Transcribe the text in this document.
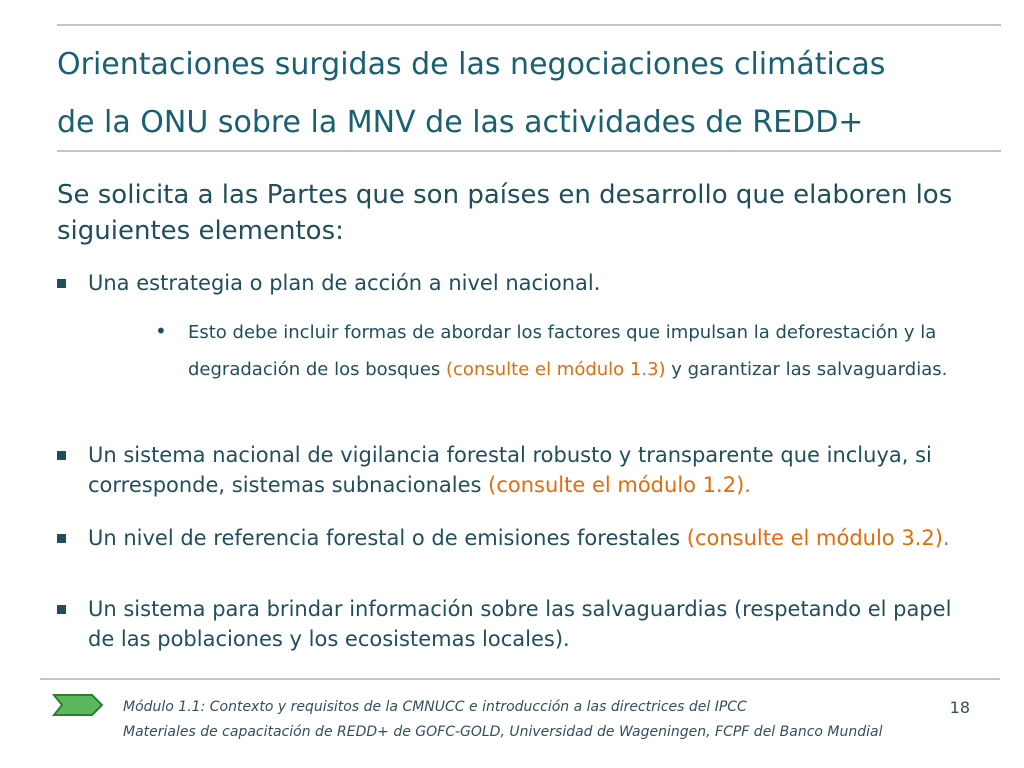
Orientaciones surgidas de las negociaciones climáticas
de la ONU sobre la MNV de las actividades de REDD+
Se solicita a las Partes que son países en desarrollo que elaboren los siguientes elementos:
Una estrategia o plan de acción a nivel nacional.
• Esto debe incluir formas de abordar los factores que impulsan la deforestación y la degradación de los bosques (consulte el módulo 1.3) y garantizar las salvaguardias.
Un sistema nacional de vigilancia forestal robusto y transparente que incluya, si corresponde, sistemas subnacionales (consulte el módulo 1.2).
Un nivel de referencia forestal o de emisiones forestales (consulte el módulo 3.2).
Un sistema para brindar información sobre las salvaguardias (respetando el papel de las poblaciones y los ecosistemas locales).
Módulo 1.1: Contexto y requisitos de la CMNUCC e introducción a las directrices del IPCC
Materiales de capacitación de REDD+ de GOFC-GOLD, Universidad de Wageningen, FCPF del Banco Mundial
18
